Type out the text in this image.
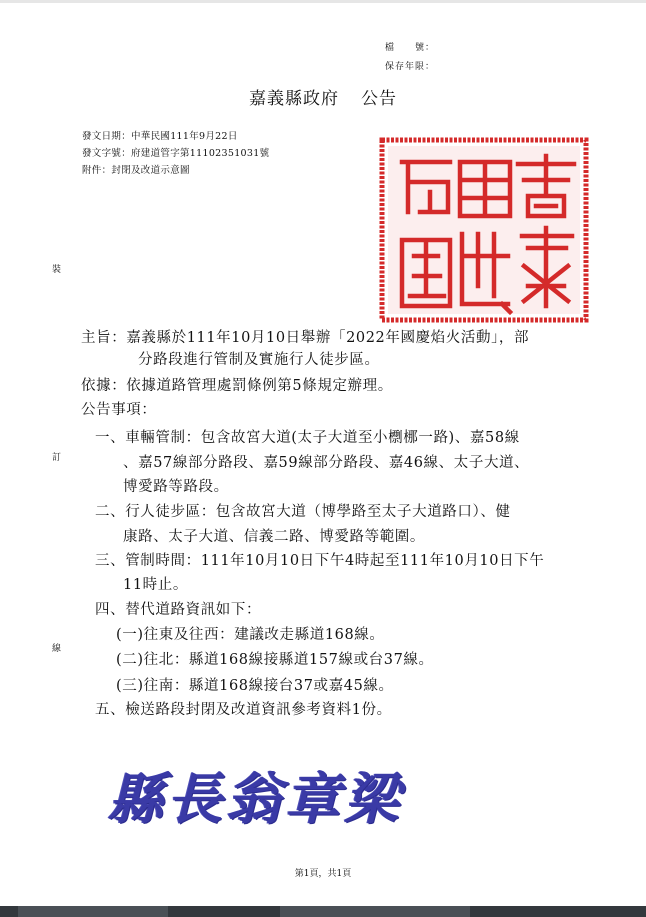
檔　　號：
保存年限：
嘉義縣政府 公告
發文日期：中華民國111年9月22日
發文字號：府建道管字第11102351031號
附件：封閉及改道示意圖
裝
訂
線
主旨：嘉義縣於111年10月10日舉辦「2022年國慶焰火活動」，部
分路段進行管制及實施行人徒步區。
依據：依據道路管理處罰條例第5條規定辦理。
公告事項：
一、車輛管制：包含故宮大道(太子大道至小檦梛一路)、嘉58線
、嘉57線部分路段、嘉59線部分路段、嘉46線、太子大道、
博愛路等路段。
二、行人徒步區：包含故宮大道（博學路至太子大道路口）、健
康路、太子大道、信義二路、博愛路等範圍。
三、管制時間：111年10月10日下午4時起至111年10月10日下午
11時止。
四、替代道路資訊如下：
(一)往東及往西：建議改走縣道168線。
(二)往北：縣道168線接縣道157線或台37線。
(三)往南：縣道168線接台37或嘉45線。
五、檢送路段封閉及改道資訊參考資料1份。
縣長翁章梁
第1頁，共1頁
